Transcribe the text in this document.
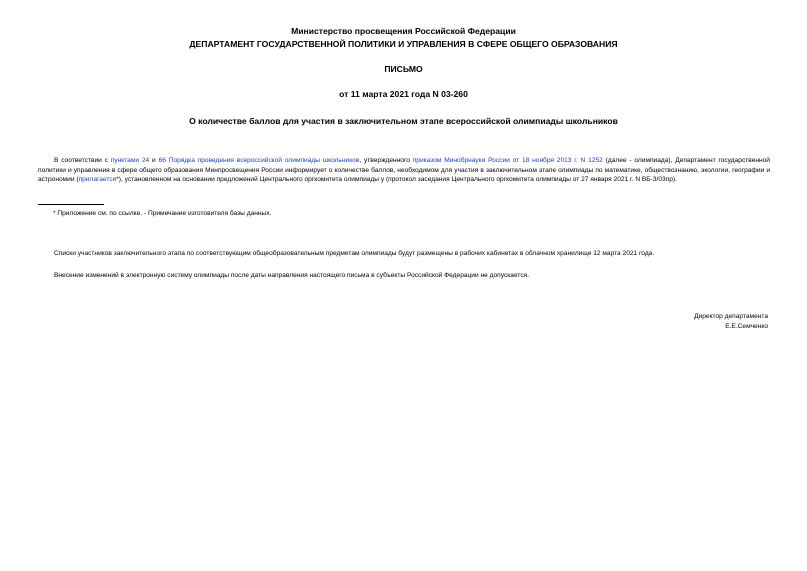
Министерство просвещения Российской Федерации
ДЕПАРТАМЕНТ ГОСУДАРСТВЕННОЙ ПОЛИТИКИ И УПРАВЛЕНИЯ В СФЕРЕ ОБЩЕГО ОБРАЗОВАНИЯ
ПИСЬМО
от 11 марта 2021 года N 03-260
О количестве баллов для участия в заключительном этапе всероссийской олимпиады школьников

В соответствии с пунктами 24 и 66 Порядка проведения всероссийской олимпиады школьников, утвержденного приказом Минобрнауки России от 18 ноября 2013 г. N 1252 (далее - олимпиада), Департамент государственной политики и управления в сфере общего образования Минпросвещения России информирует о количестве баллов, необходимом для участия в заключительном этапе олимпиады по математике, обществознанию, экологии, географии и астрономии (прилагается*), установленном на основании предложений Центрального оргкомитета олимпиады у (протокол заседания Центрального оргкомитета олимпиады от 27 января 2021 г. N ВБ-3/03пр).

* Приложение см. по ссылке. - Примечание изготовителя базы данных.
Списки участников заключительного этапа по соответствующим общеобразовательным предметам олимпиады будут размещены в рабочих кабинетах в облачном хранилище 12 марта 2021 года.
Внесение изменений в электронную систему олимпиады после даты направления настоящего письма в субъекты Российской Федерации не допускается.
Директор департамента
Е.Е.Семченко
